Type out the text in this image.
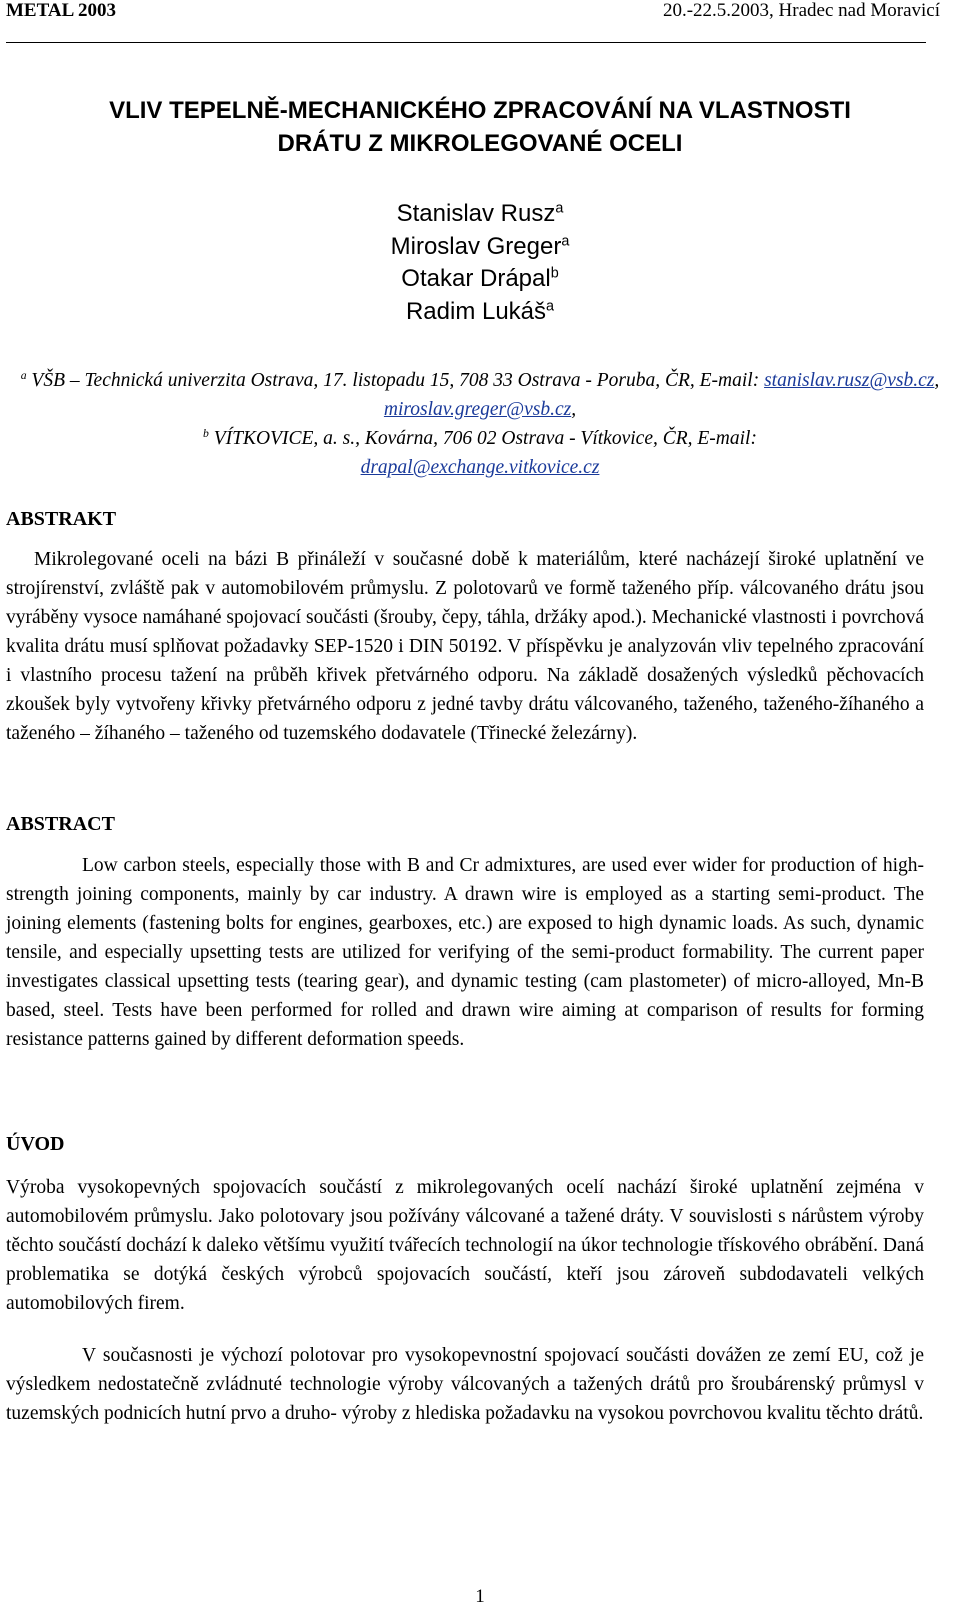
METAL 2003	20.-22.5.2003, Hradec nad Moravicí
VLIV TEPELNĚ-MECHANICKÉHO ZPRACOVÁNÍ NA VLASTNOSTI
DRÁTU Z MIKROLEGOVANÉ OCELI
Stanislav Rusz$^a$
Miroslav Greger$^a$
Otakar Drápal$^b$
Radim Lukáš$^a$
$^a$ VŠB – Technická univerzita Ostrava, 17. listopadu 15, 708 33 Ostrava - Poruba, ČR, E-mail: stanislav.rusz@vsb.cz, miroslav.greger@vsb.cz,
$^b$ VÍTKOVICE, a. s., Kovárna, 706 02 Ostrava - Vítkovice, ČR, E-mail:
drapal@exchange.vitkovice.cz
ABSTRAKT

Mikrolegované oceli na bázi B přináleží v současné době k materiálům, které nacházejí široké uplatnění ve strojírenství, zvláště pak v automobilovém průmyslu. Z polotovarů ve formě taženého příp. válcovaného drátu jsou vyráběny vysoce namáhané spojovací součásti (šrouby, čepy, táhla, držáky apod.). Mechanické vlastnosti i povrchová kvalita drátu musí splňovat požadavky SEP-1520 i DIN 50192. V příspěvku je analyzován vliv tepelného zpracování i vlastního procesu tažení na průběh křivek přetvárného odporu. Na základě dosažených výsledků pěchovacích zkoušek byly vytvořeny křivky přetvárného odporu z jedné tavby drátu válcovaného, taženého, taženého-žíhaného a taženého – žíhaného – taženého od tuzemského dodavatele (Třinecké železárny).

ABSTRACT

Low carbon steels, especially those with B and Cr admixtures, are used ever wider for production of high-strength joining components, mainly by car industry. A drawn wire is employed as a starting semi-product. The joining elements (fastening bolts for engines, gearboxes, etc.) are exposed to high dynamic loads. As such, dynamic tensile, and especially upsetting tests are utilized for verifying of the semi-product formability. The current paper investigates classical upsetting tests (tearing gear), and dynamic testing (cam plastometer) of micro-alloyed, Mn-B based, steel. Tests have been performed for rolled and drawn wire aiming at comparison of results for forming resistance patterns gained by different deformation speeds.

ÚVOD

Výroba vysokopevných spojovacích součástí z mikrolegovaných ocelí nachází široké uplatnění zejména v automobilovém průmyslu. Jako polotovary jsou požívány válcované a tažené dráty. V souvislosti s nárůstem výroby těchto součástí dochází k daleko většímu využití tvářecích technologií na úkor technologie třískového obrábění. Daná problematika se dotýká českých výrobců spojovacích součástí, kteří jsou zároveň subdodavateli velkých automobilových firem.

V současnosti je výchozí polotovar pro vysokopevnostní spojovací součásti dovážen ze zemí EU, což je výsledkem nedostatečně zvládnuté technologie výroby válcovaných a tažených drátů pro šroubárenský průmysl v tuzemských podnicích hutní prvo a druho- výroby z hlediska požadavku na vysokou povrchovou kvalitu těchto drátů.

1
